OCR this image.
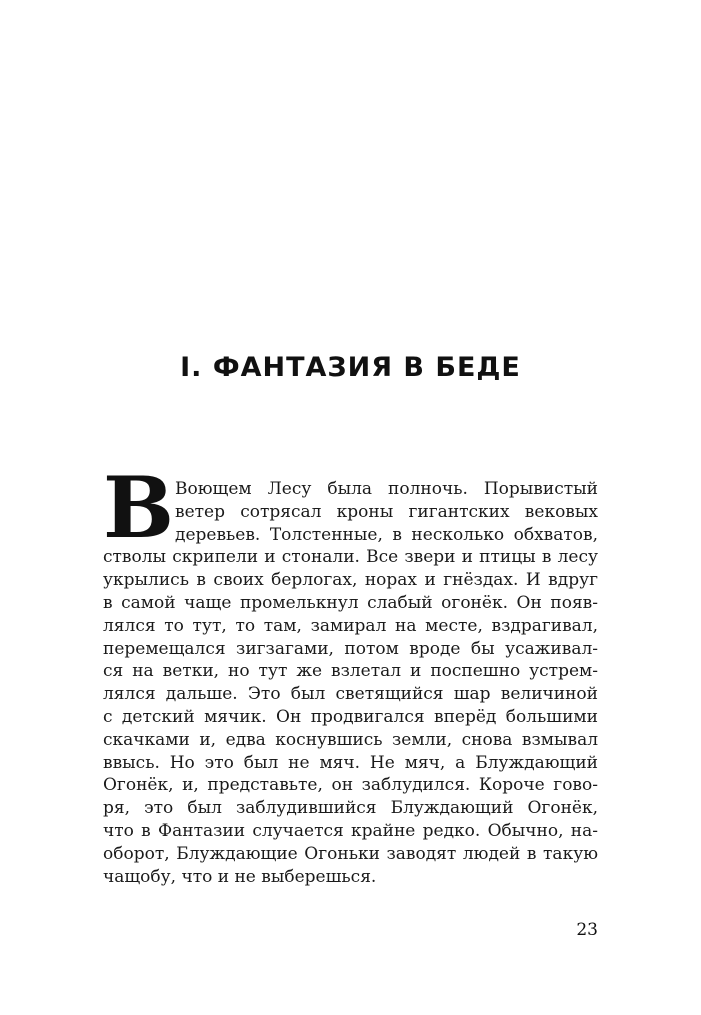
I. ФАНТАЗИЯ В БЕДЕ
В Воющем Лесу была полночь. Порывистый
ветер сотрясал кроны гигантских вековых
деревьев. Толстенные, в несколько обхватов,
стволы скрипели и стонали. Все звери и птицы в лесу
укрылись в своих берлогах, норах и гнёздах. И вдруг
в самой чаще промелькнул слабый огонёк. Он появ-
лялся то тут, то там, замирал на месте, вздрагивал,
перемещался зигзагами, потом вроде бы усаживал-
ся на ветки, но тут же взлетал и поспешно устрем-
лялся дальше. Это был светящийся шар величиной
с детский мячик. Он продвигался вперёд большими
скачками и, едва коснувшись земли, снова взмывал
ввысь. Но это был не мяч. Не мяч, а Блуждающий
Огонёк, и, представьте, он заблудился. Короче гово-
ря, это был заблудившийся Блуждающий Огонёк,
что в Фантазии случается крайне редко. Обычно, на-
оборот, Блуждающие Огоньки заводят людей в такую
чащобу, что и не выберешься.
23
